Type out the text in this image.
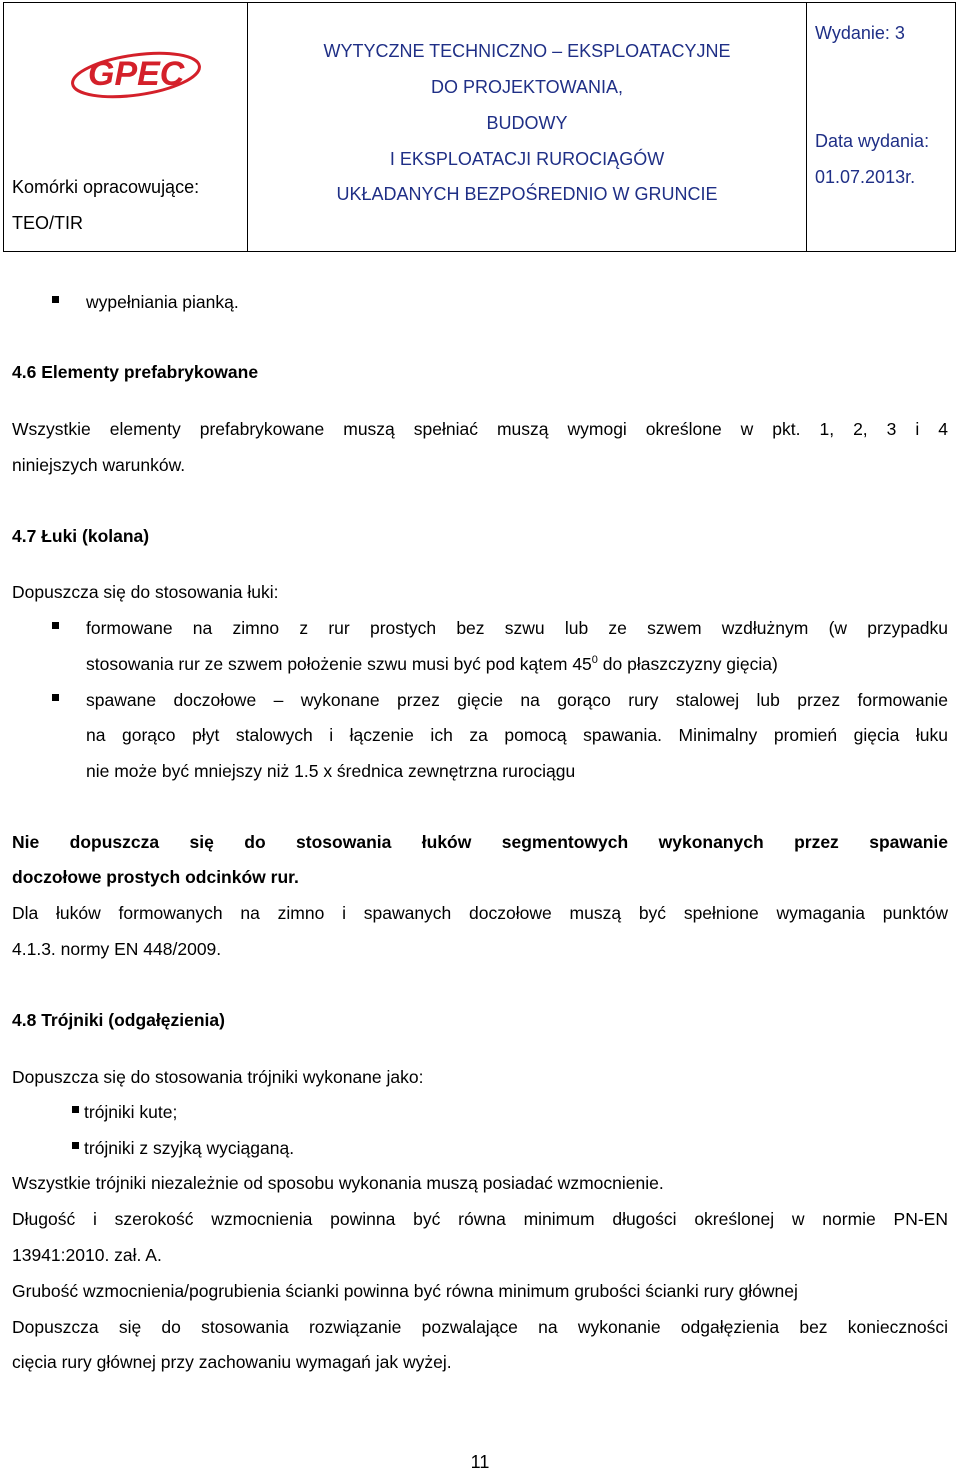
GPEC
Komórki opracowujące:
TEO/TIR
WYTYCZNE TECHNICZNO – EKSPLOATACYJNE
DO PROJEKTOWANIA,
BUDOWY
I EKSPLOATACJI RUROCIĄGÓW
UKŁADANYCH BEZPOŚREDNIO W GRUNCIE
Wydanie: 3
Data wydania:
01.07.2013r.
wypełniania pianką.
4.6 Elementy prefabrykowane
Wszystkie elementy prefabrykowane muszą spełniać muszą wymogi określone w pkt. 1, 2, 3 i 4
niniejszych warunków.
4.7 Łuki (kolana)
Dopuszcza się do stosowania łuki:
formowane na zimno z rur prostych bez szwu lub ze szwem wzdłużnym (w przypadku
stosowania rur ze szwem położenie szwu musi być pod kątem $45^0$ do płaszczyzny gięcia)
spawane doczołowe – wykonane przez gięcie na gorąco rury stalowej lub przez formowanie
na gorąco płyt stalowych i łączenie ich za pomocą spawania. Minimalny promień gięcia łuku
nie może być mniejszy niż 1.5 x średnica zewnętrzna rurociągu
Nie dopuszcza się do stosowania łuków segmentowych wykonanych przez spawanie
doczołowe prostych odcinków rur.
Dla łuków formowanych na zimno i spawanych doczołowe muszą być spełnione wymagania punktów
4.1.3. normy EN 448/2009.
4.8 Trójniki (odgałęzienia)
Dopuszcza się do stosowania trójniki wykonane jako:
trójniki kute;
trójniki z szyjką wyciąganą.
Wszystkie trójniki niezależnie od sposobu wykonania muszą posiadać wzmocnienie.
Długość i szerokość wzmocnienia powinna być równa minimum długości określonej w normie PN-EN
13941:2010. zał. A.
Grubość wzmocnienia/pogrubienia ścianki powinna być równa minimum grubości ścianki rury głównej
Dopuszcza się do stosowania rozwiązanie pozwalające na wykonanie odgałęzienia bez konieczności
cięcia rury głównej przy zachowaniu wymagań jak wyżej.
11
